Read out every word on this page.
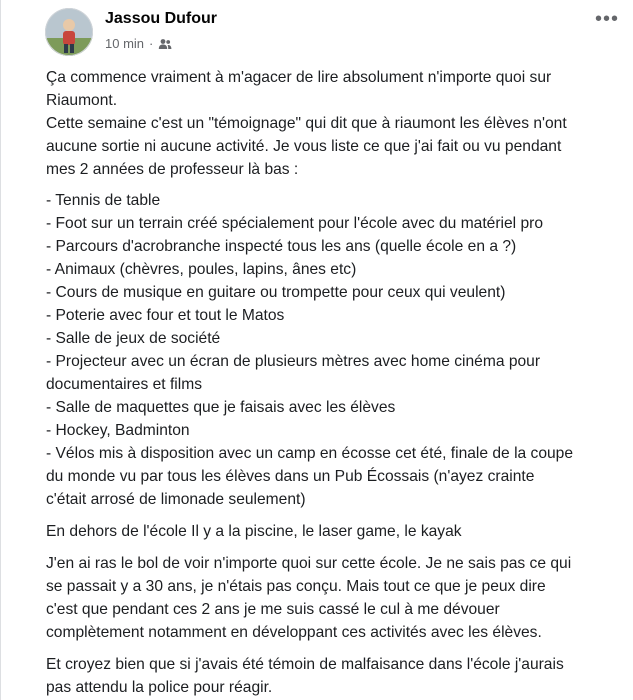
Jassou Dufour
10 min ·
•••

Ça commence vraiment à m'agacer de lire absolument n'importe quoi sur

Riaumont.

Cette semaine c'est un "témoignage" qui dit que à riaumont les élèves n'ont

aucune sortie ni aucune activité. Je vous liste ce que j'ai fait ou vu pendant

mes 2 années de professeur là bas :

- Tennis de table
- Foot sur un terrain créé spécialement pour l'école avec du matériel pro
- Parcours d'acrobranche inspecté tous les ans (quelle école en a ?)
- Animaux (chèvres, poules, lapins, ânes etc)
- Cours de musique en guitare ou trompette pour ceux qui veulent)
- Poterie avec four et tout le Matos
- Salle de jeux de société
- Projecteur avec un écran de plusieurs mètres avec home cinéma pour
documentaires et films
- Salle de maquettes que je faisais avec les élèves
- Hockey, Badminton
- Vélos mis à disposition avec un camp en écosse cet été, finale de la coupe
du monde vu par tous les élèves dans un Pub Écossais (n'ayez crainte
c'était arrosé de limonade seulement)

En dehors de l'école Il y a la piscine, le laser game, le kayak

J'en ai ras le bol de voir n'importe quoi sur cette école. Je ne sais pas ce qui

se passait y a 30 ans, je n'étais pas conçu. Mais tout ce que je peux dire

c'est que pendant ces 2 ans je me suis cassé le cul à me dévouer

complètement notamment en développant ces activités avec les élèves.

Et croyez bien que si j'avais été témoin de malfaisance dans l'école j'aurais

pas attendu la police pour réagir.
